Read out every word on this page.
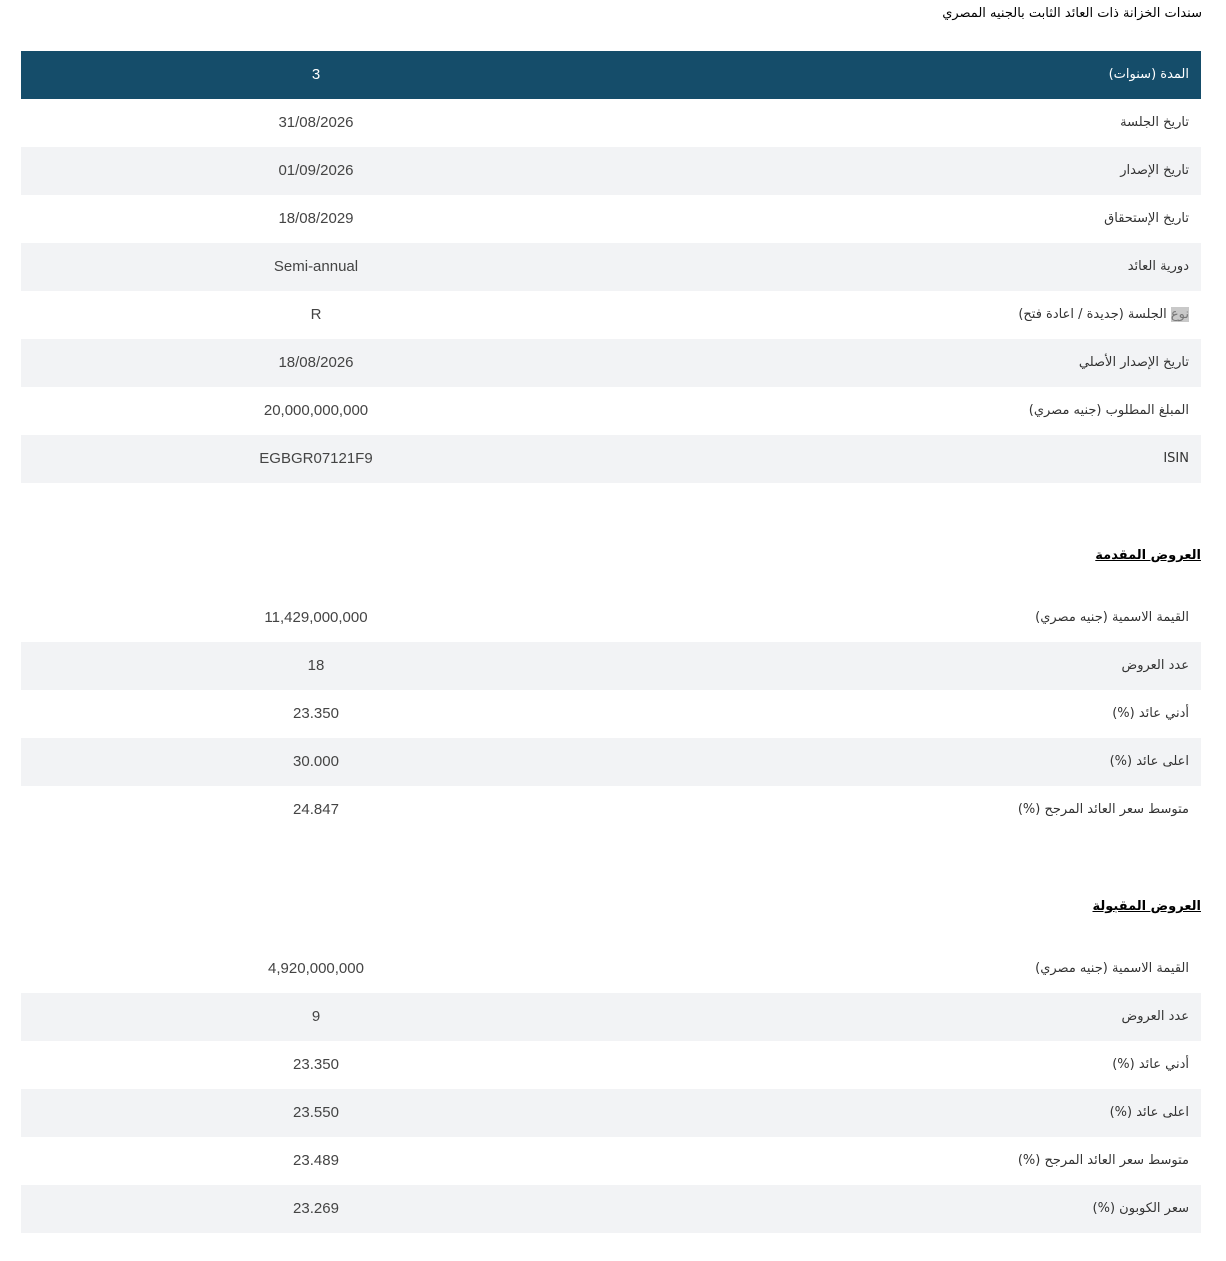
سندات الخزانة ذات العائد الثابت بالجنيه المصري
المدة (سنوات)
3
تاريخ الجلسة
31/08/2026
تاريخ الإصدار
01/09/2026
تاريخ الإستحقاق
18/08/2029
دورية العائد
Semi-annual
نوع الجلسة (جديدة / اعادة فتح)
R
تاريخ الإصدار الأصلي
18/08/2026
المبلغ المطلوب (جنيه مصري)
20,000,000,000
ISIN
EGBGR07121F9
العروض المقدمة
القيمة الاسمية (جنيه مصري)
11,429,000,000
عدد العروض
18
أدني عائد (%)
23.350
اعلى عائد (%)
30.000
متوسط سعر العائد المرجح (%)
24.847
العروض المقبولة
القيمة الاسمية (جنيه مصري)
4,920,000,000
عدد العروض
9
أدني عائد (%)
23.350
اعلى عائد (%)
23.550
متوسط سعر العائد المرجح (%)
23.489
سعر الكوبون (%)
23.269
